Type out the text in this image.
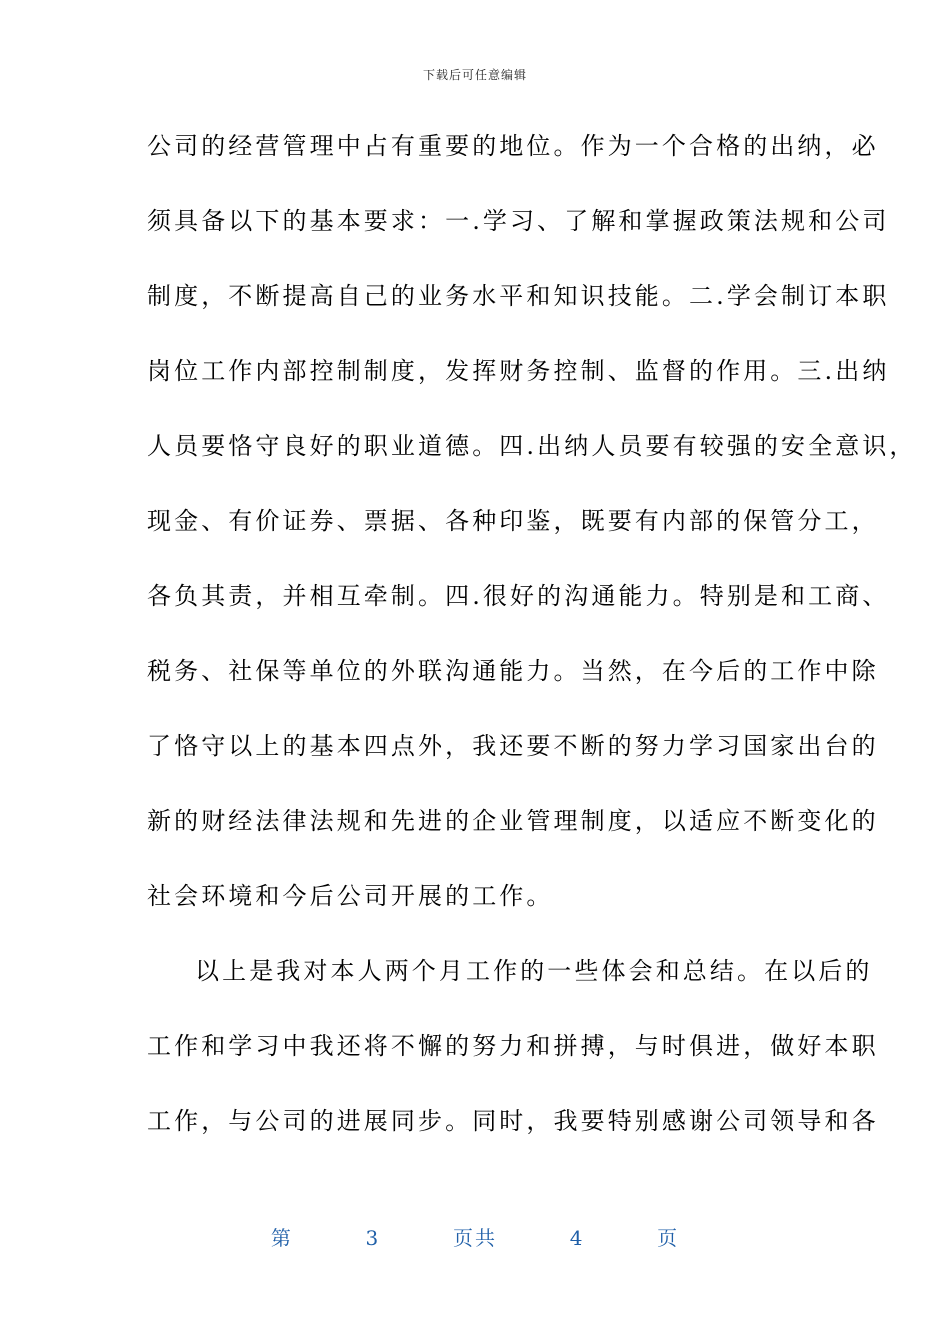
下载后可任意编辑
公司的经营管理中占有重要的地位。作为一个合格的出纳，必
须具备以下的基本要求：一.学习、了解和掌握政策法规和公司
制度，不断提高自己的业务水平和知识技能。二.学会制订本职
岗位工作内部控制制度，发挥财务控制、监督的作用。三.出纳
人员要恪守良好的职业道德。四.出纳人员要有较强的安全意识，
现金、有价证券、票据、各种印鉴，既要有内部的保管分工，
各负其责，并相互牵制。四.很好的沟通能力。特别是和工商、
税务、社保等单位的外联沟通能力。当然，在今后的工作中除
了恪守以上的基本四点外，我还要不断的努力学习国家出台的
新的财经法律法规和先进的企业管理制度，以适应不断变化的
社会环境和今后公司开展的工作。
以上是我对本人两个月工作的一些体会和总结。在以后的
工作和学习中我还将不懈的努力和拼搏，与时俱进，做好本职
工作，与公司的进展同步。同时，我要特别感谢公司领导和各
第	3	页共	4	页
